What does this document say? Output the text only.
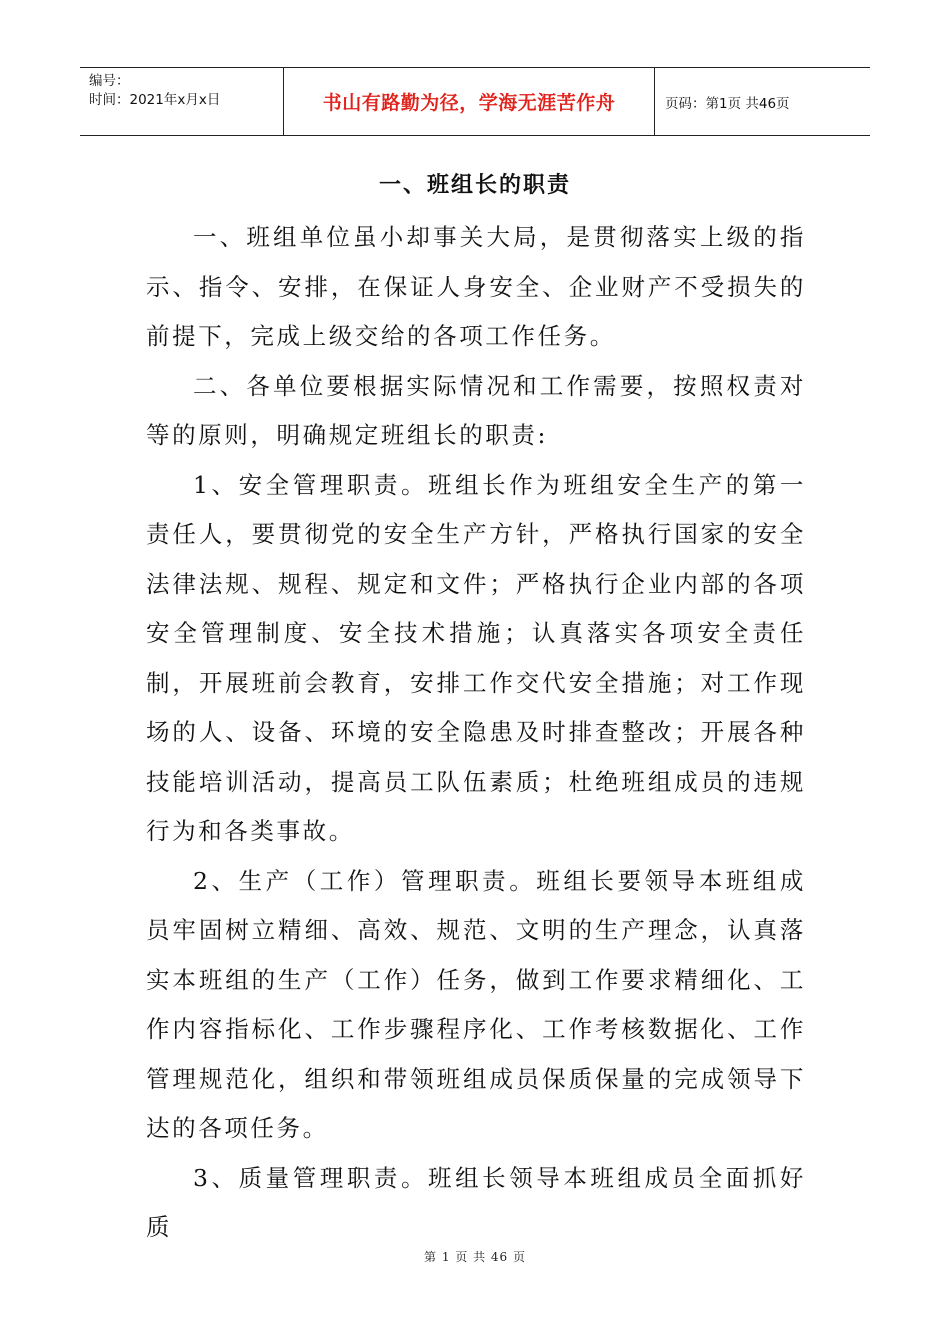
编号：
时间：2021年x月x日	书山有路勤为径，学海无涯苦作舟	页码：第1页 共46页
一、班组长的职责

一、班组单位虽小却事关大局，是贯彻落实上级的指示、指令、安排，在保证人身安全、企业财产不受损失的前提下，完成上级交给的各项工作任务。

二、各单位要根据实际情况和工作需要，按照权责对等的原则，明确规定班组长的职责:

1、安全管理职责。班组长作为班组安全生产的第一责任人，要贯彻党的安全生产方针，严格执行国家的安全法律法规、规程、规定和文件；严格执行企业内部的各项安全管理制度、安全技术措施；认真落实各项安全责任制，开展班前会教育，安排工作交代安全措施；对工作现场的人、设备、环境的安全隐患及时排查整改；开展各种技能培训活动，提高员工队伍素质；杜绝班组成员的违规行为和各类事故。

2、生产（工作）管理职责。班组长要领导本班组成员牢固树立精细、高效、规范、文明的生产理念，认真落实本班组的生产（工作）任务，做到工作要求精细化、工作内容指标化、工作步骤程序化、工作考核数据化、工作管理规范化，组织和带领班组成员保质保量的完成领导下达的各项任务。

3、质量管理职责。班组长领导本班组成员全面抓好质

第 1 页 共 46 页
